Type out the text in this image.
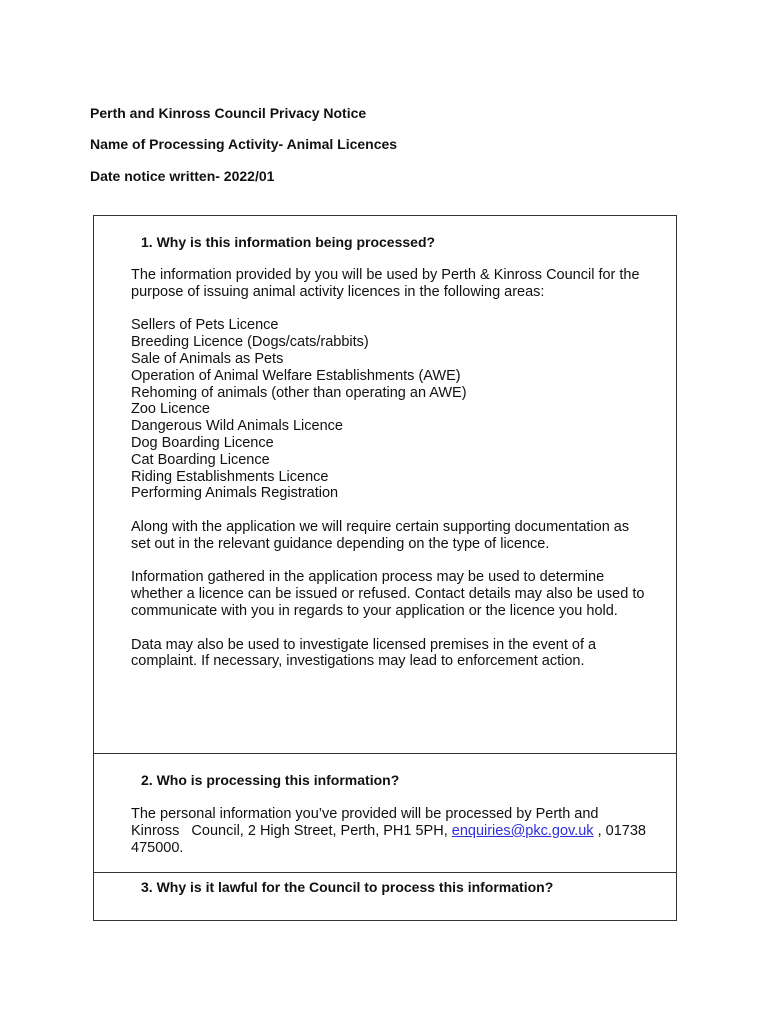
Perth and Kinross Council Privacy Notice
Name of Processing Activity- Animal Licences
Date notice written- 2022/01
1. Why is this information being processed?
The information provided by you will be used by Perth & Kinross Council for the purpose of issuing animal activity licences in the following areas:
Sellers of Pets Licence
Breeding Licence (Dogs/cats/rabbits)
Sale of Animals as Pets
Operation of Animal Welfare Establishments (AWE)
Rehoming of animals (other than operating an AWE)
Zoo Licence
Dangerous Wild Animals Licence
Dog Boarding Licence
Cat Boarding Licence
Riding Establishments Licence
Performing Animals Registration
Along with the application we will require certain supporting documentation as set out in the relevant guidance depending on the type of licence.
Information gathered in the application process may be used to determine whether a licence can be issued or refused. Contact details may also be used to communicate with you in regards to your application or the licence you hold.
Data may also be used to investigate licensed premises in the event of a complaint. If necessary, investigations may lead to enforcement action.
2. Who is processing this information?
The personal information you’ve provided will be processed by Perth and Kinross   Council, 2 High Street, Perth, PH1 5PH, enquiries@pkc.gov.uk , 01738 475000.
3. Why is it lawful for the Council to process this information?
